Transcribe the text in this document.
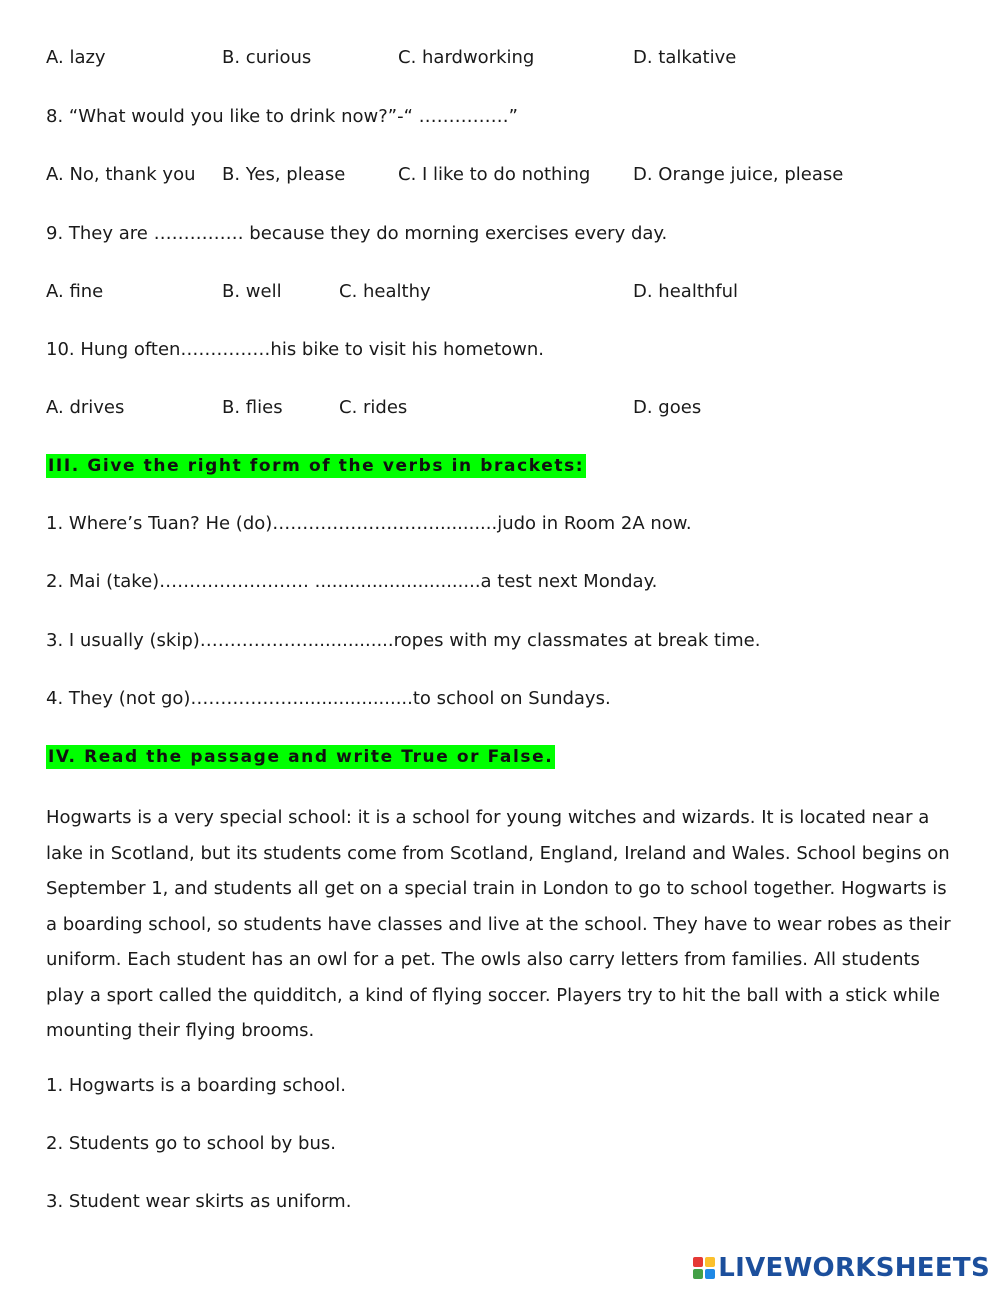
A. lazy	B. curious	C. hardworking	D. talkative
8. “What would you like to drink now?”-“ ……………”
A. No, thank you B. Yes, please	C. I like to do nothing D. Orange juice, please
9. They are …………… because they do morning exercises every day.
A. fine	B. well	C. healthy	D. healthful
10. Hung often……………his bike to visit his hometown.
A. drives	B. flies	C. rides	D. goes
III. Give the right form of the verbs in brackets:
1. Where’s Tuan? He (do)………………………...........judo in Room 2A now.
2. Mai (take)……………………. .............................a test next Monday.
3. I usually (skip)………………...............ropes with my classmates at break time.
4. They (not go)………………....................to school on Sundays.
IV. Read the passage and write True or False.
Hogwarts is a very special school: it is a school for young witches and wizards. It is located near a lake in Scotland, but its students come from Scotland, England, Ireland and Wales. School begins on September 1, and students all get on a special train in London to go to school together. Hogwarts is a boarding school, so students have classes and live at the school. They have to wear robes as their uniform. Each student has an owl for a pet. The owls also carry letters from families. All students play a sport called the quidditch, a kind of flying soccer. Players try to hit the ball with a stick while mounting their flying brooms.
1. Hogwarts is a boarding school.
2. Students go to school by bus.
3. Student wear skirts as uniform.
LIVEWORKSHEETS
